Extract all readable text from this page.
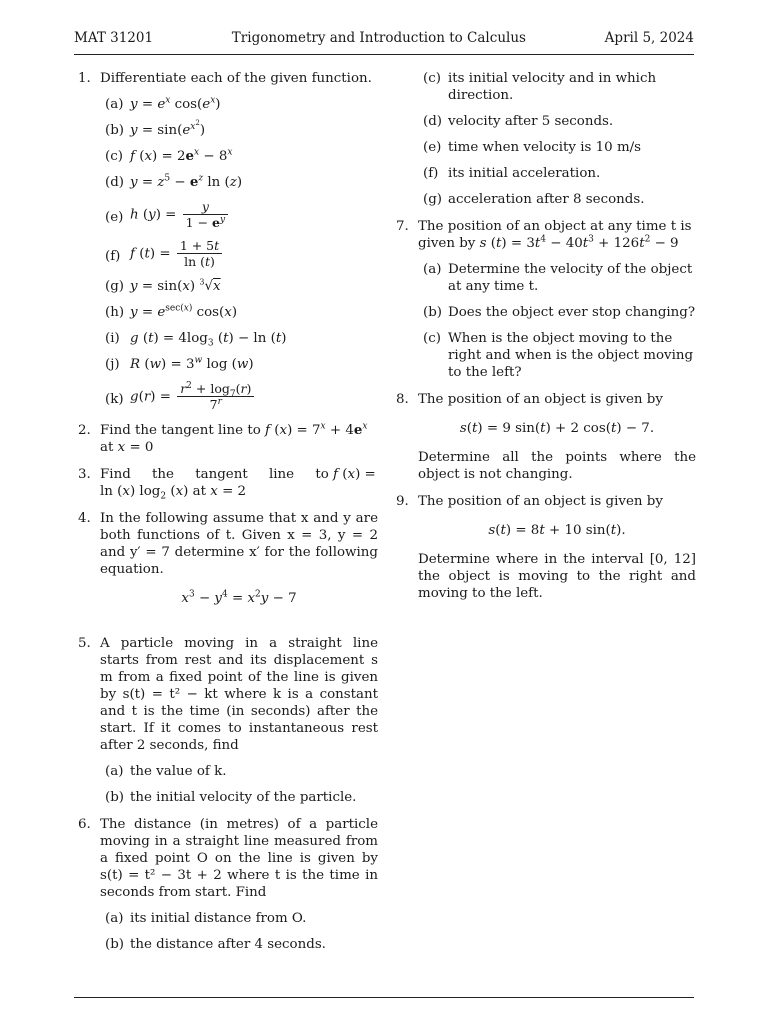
MAT 31201	Trigonometry and Introduction to Calculus	April 5, 2024
1. Differentiate each of the given function.
(a) $y = e^x$ $\cos(e^x)$
(b) $y = \sin(e^{x^2})$
(c) f $(x) = 2e^x - 8^x$
(d) $y = z^5 - e^z$ ln (z)
(e) h $(y) = \frac{y}{1 - e^y}$
(f) f $(t) = \frac{1 + 5t}{\ln (t)}$
(g) y = sin(x) $^3$√x
(h) $y = e^{sec(x)}$ cos(x)
(i) g $(t) = 4\log_3$ (t) − ln (t)
(j) R $(w) = 3^w$ log (w)
(k) $g(r) = \frac{r^2 + \log_7(r)}{7^r}$
2. Find the tangent line to f $(x) = 7^x + 4e^x$ at x = 0
3. Find the tangent line to f (x) = ln (x) $\log_2 (x)$ at x = 2
4. In the following assume that x and y are both functions of t. Given x = 3, y = 2 and y′ = 7 determine x′ for the following equation.
$x^3 - y^4 = x^2y - 7$
5. A particle moving in a straight line starts from rest and its displacement s m from a fixed point of the line is given by s(t) = t² − kt where k is a constant and t is the time (in seconds) after the start. If it comes to instantaneous rest after 2 seconds, find
(a) the value of k.
(b) the initial velocity of the particle.
6. The distance (in metres) of a particle moving in a straight line measured from a fixed point O on the line is given by s(t) = t² − 3t + 2 where t is the time in seconds from start. Find
(a) its initial distance from O.
(b) the distance after 4 seconds.
(c) its initial velocity and in which direction.
(d) velocity after 5 seconds.
(e) time when velocity is 10 m/s
(f) its initial acceleration.
(g) acceleration after 8 seconds.
7. The position of an object at any time t is given by s $(t) = 3t^4 - 40t^3 + 126t^2 - 9$
(a) Determine the velocity of the object at any time t.
(b) Does the object ever stop changing?
(c) When is the object moving to the right and when is the object moving to the left?
8. The position of an object is given by
s(t) = 9 sin(t) + 2 cos(t) − 7.
Determine all the points where the object is not changing.
9. The position of an object is given by
s(t) = 8t + 10 sin(t).
Determine where in the interval [0, 12] the object is moving to the right and moving to the left.
